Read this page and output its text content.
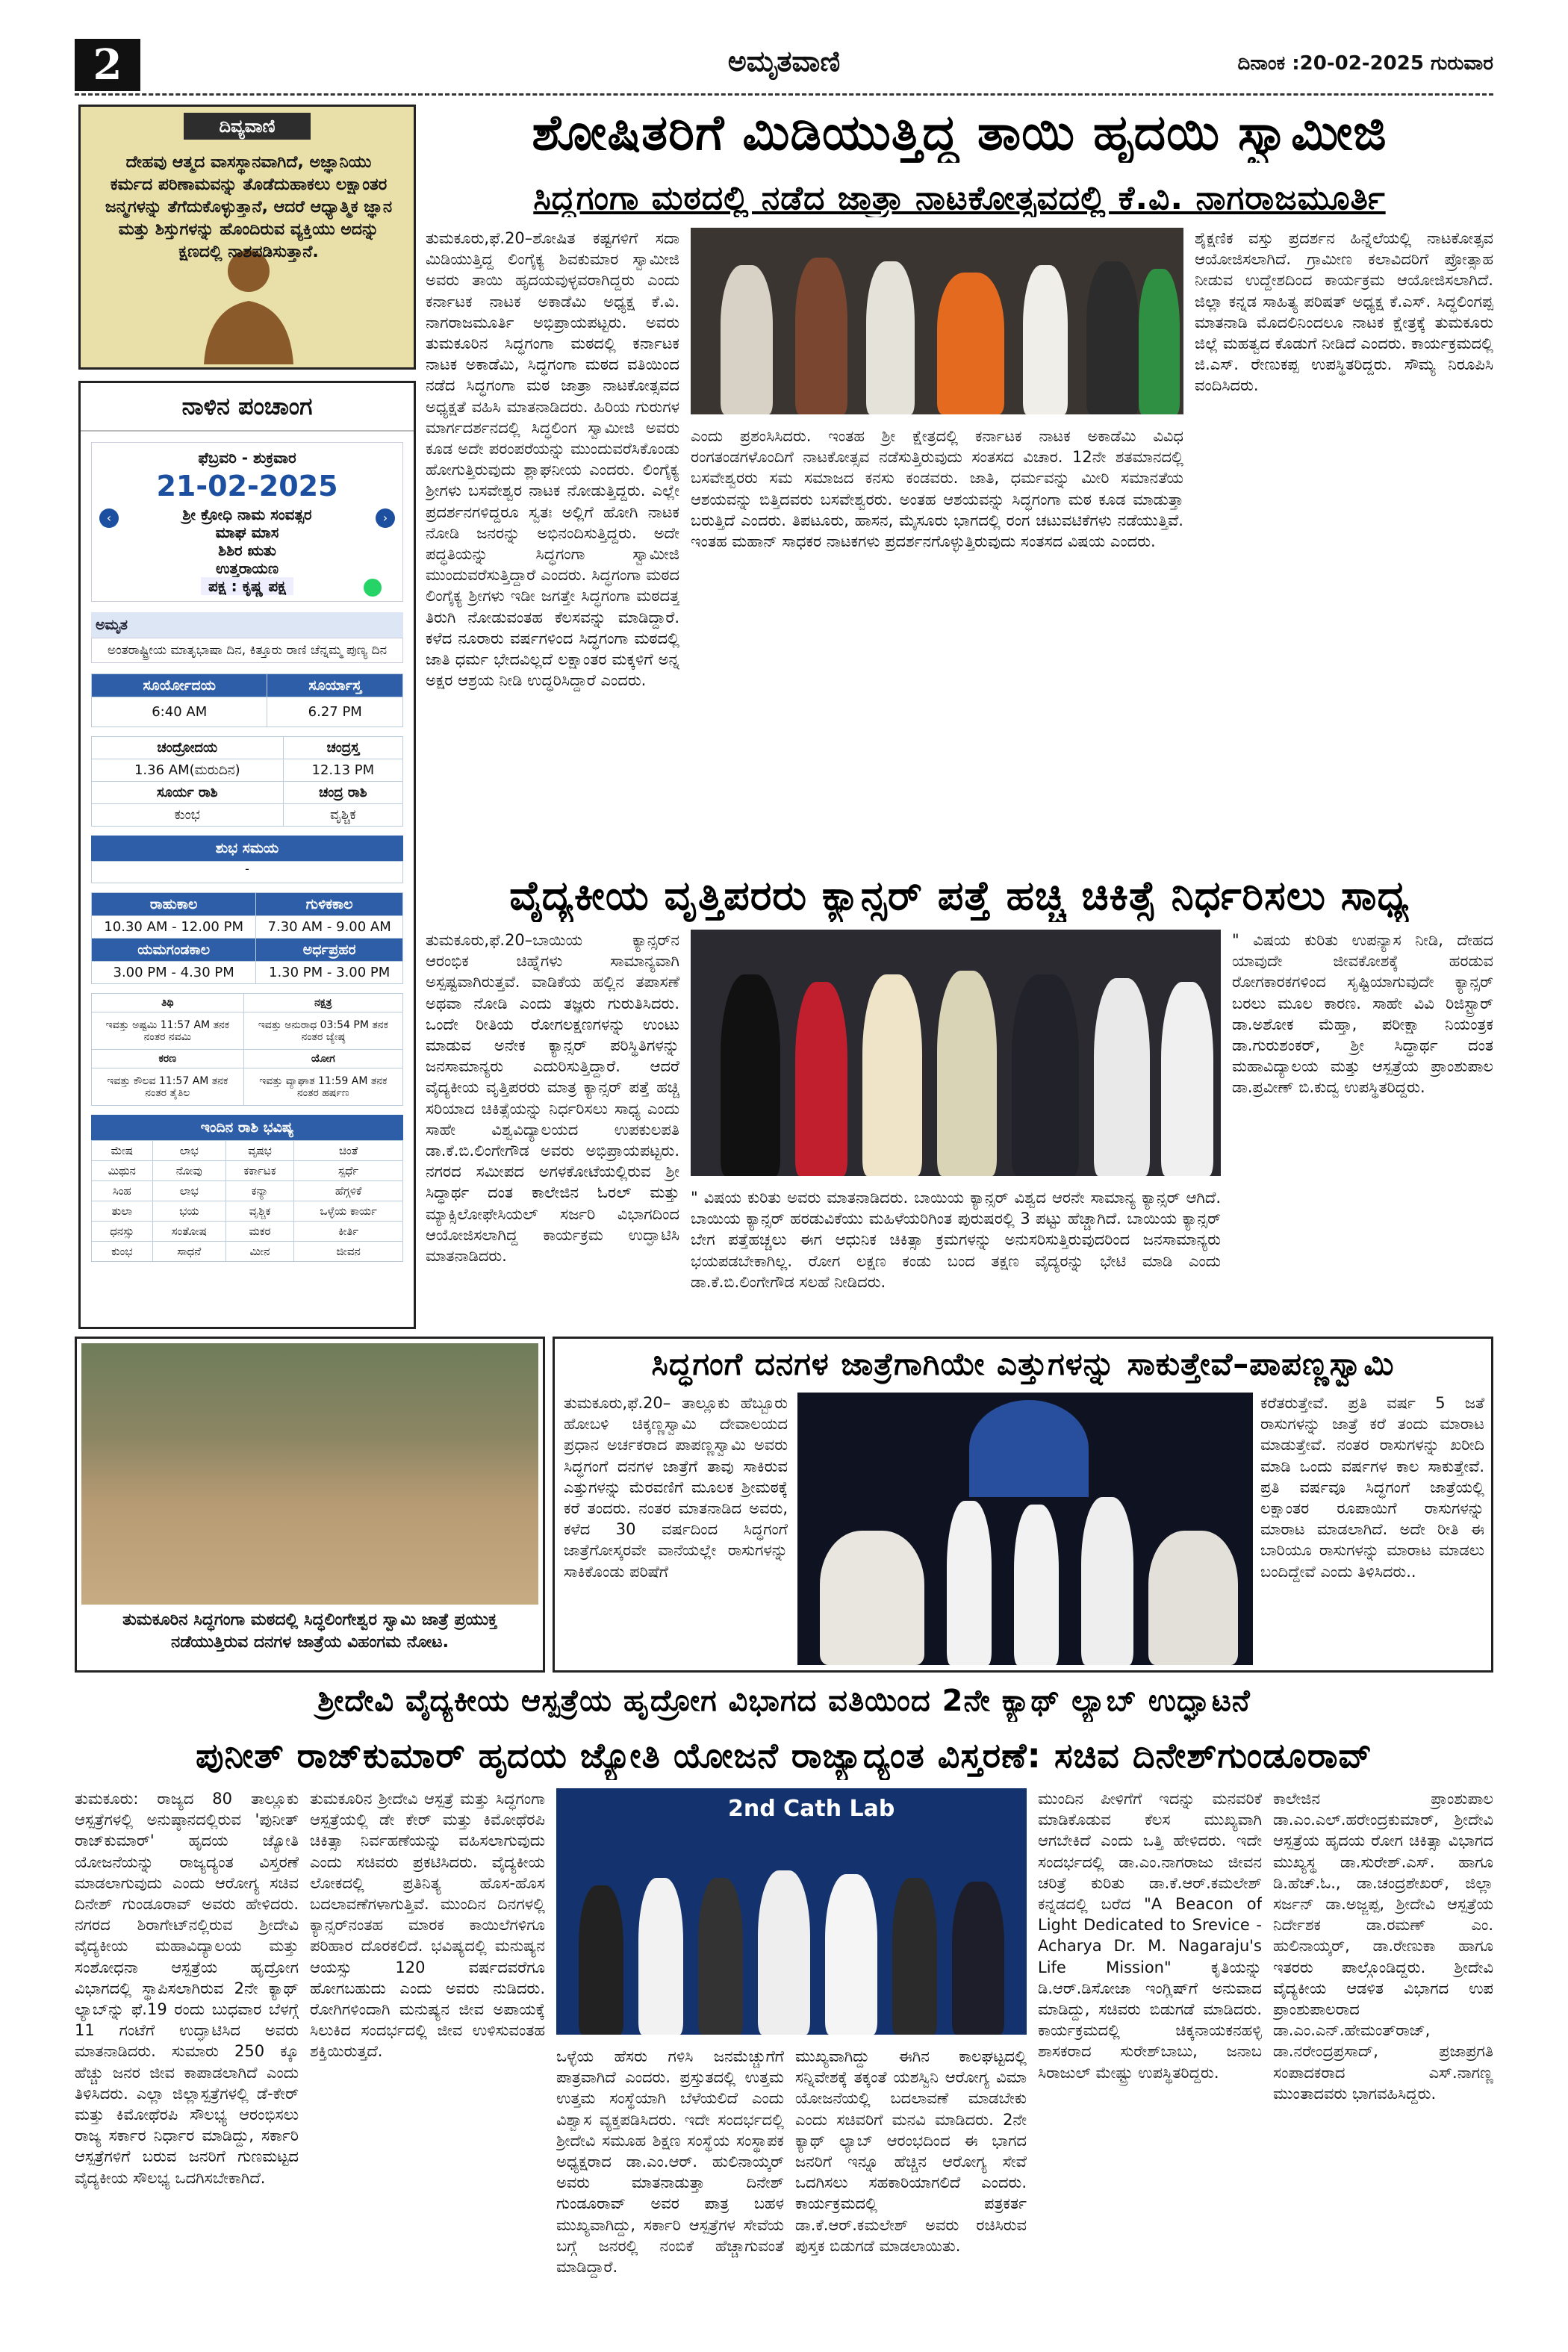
2	ಅಮೃತವಾಣಿ	ದಿನಾಂಕ :20-02-2025 ಗುರುವಾರ
ದಿವ್ಯವಾಣಿ
ದೇಹವು ಆತ್ಮದ ವಾಸಸ್ಥಾನವಾಗಿದೆ, ಅಜ್ಞಾನಿಯು ಕರ್ಮದ ಪರಿಣಾಮವನ್ನು ತೊಡೆದುಹಾಕಲು ಲಕ್ಷಾಂತರ ಜನ್ಮಗಳನ್ನು ತೆಗೆದುಕೊಳ್ಳುತ್ತಾನೆ, ಆದರೆ ಆಧ್ಯಾತ್ಮಿಕ ಜ್ಞಾನ ಮತ್ತು ಶಿಸ್ತುಗಳನ್ನು ಹೊಂದಿರುವ ವ್ಯಕ್ತಿಯು ಅದನ್ನು ಕ್ಷಣದಲ್ಲಿ ನಾಶಪಡಿಸುತ್ತಾನೆ.
ನಾಳಿನ ಪಂಚಾಂಗ
ಫೆಬ್ರವರಿ - ಶುಕ್ರವಾರ
21-02-2025
‹	›
ಶ್ರೀ ಕ್ರೋಧಿ ನಾಮ ಸಂವತ್ಸರ
ಮಾಘ ಮಾಸ
ಶಿಶಿರ ಋತು
ಉತ್ತರಾಯಣ
ಪಕ್ಷ : ಕೃಷ್ಣ ಪಕ್ಷ
ಅಮೃತ
ಅಂತರಾಷ್ಟ್ರೀಯ ಮಾತೃಭಾಷಾ ದಿನ, ಕಿತ್ತೂರು ರಾಣಿ ಚೆನ್ನಮ್ಮ ಪುಣ್ಯ ದಿನ
ಸೂರ್ಯೋದಯ	ಸೂರ್ಯಾಸ್ತ
6:40 AM	6.27 PM
ಚಂದ್ರೋದಯ	ಚಂದ್ರಸ್ತ
1.36 AM(ಮರುದಿನ)	12.13 PM
ಸೂರ್ಯ ರಾಶಿ	ಚಂದ್ರ ರಾಶಿ
ಕುಂಭ	ವೃಶ್ಚಿಕ
ಶುಭ ಸಮಯ
-
ರಾಹುಕಾಲ	ಗುಳಿಕಕಾಲ
10.30 AM - 12.00 PM	7.30 AM - 9.00 AM
ಯಮಗಂಡಕಾಲ	ಅರ್ಧಪ್ರಹರ
3.00 PM - 4.30 PM	1.30 PM - 3.00 PM
ತಿಥಿ	ನಕ್ಷತ್ರ
ಇವತ್ತು ಅಷ್ಟಮಿ 11:57 AM ತನಕ ನಂತರ ನವಮಿ	ಇವತ್ತು ಅನುರಾಧ 03:54 PM ತನಕ ನಂತರ ಜ್ಯೇಷ್ಠ
ಕರಣ	ಯೋಗ
ಇವತ್ತು ಕೌಲವ 11:57 AM ತನಕ ನಂತರ ತೈತಿಲ	ಇವತ್ತು ವ್ಯಾಘಾತ 11:59 AM ತನಕ ನಂತರ ಹರ್ಷಣ
ಇಂದಿನ ರಾಶಿ ಭವಿಷ್ಯ
ಮೇಷ	ಲಾಭ	ವೃಷಭ	ಚಿಂತೆ
ಮಿಥುನ	ನೋವು	ಕರ್ಕಾಟಕ	ಸ್ಪರ್ಧೆ
ಸಿಂಹ	ಲಾಭ	ಕನ್ಯಾ	ಹೆಗ್ಗಳಿಕೆ
ತುಲಾ	ಭಯ	ವೃಶ್ಚಿಕ	ಒಳ್ಳೆಯ ಕಾರ್ಯ
ಧನಸ್ಸು	ಸಂತೋಷ	ಮಕರ	ಕೀರ್ತಿ
ಕುಂಭ	ಸಾಧನೆ	ಮೀನ	ಜೀವನ
ಶೋಷಿತರಿಗೆ ಮಿಡಿಯುತ್ತಿದ್ದ ತಾಯಿ ಹೃದಯಿ ಸ್ವಾಮೀಜಿ
ಸಿದ್ಧಗಂಗಾ ಮಠದಲ್ಲಿ ನಡೆದ ಜಾತ್ರಾ ನಾಟಕೋತ್ಸವದಲ್ಲಿ ಕೆ.ವಿ. ನಾಗರಾಜಮೂರ್ತಿ
ತುಮಕೂರು,ಫೆ.20–ಶೋಷಿತ ಕಷ್ಟಗಳಿಗೆ ಸದಾ ಮಿಡಿಯುತ್ತಿದ್ದ ಲಿಂಗೈಕ್ಯ ಶಿವಕುಮಾರ ಸ್ವಾಮೀಜಿ ಅವರು ತಾಯಿ ಹೃದಯವುಳ್ಳವರಾಗಿದ್ದರು ಎಂದು ಕರ್ನಾಟಕ ನಾಟಕ ಅಕಾಡೆಮಿ ಅಧ್ಯಕ್ಷ ಕೆ.ವಿ. ನಾಗರಾಜಮೂರ್ತಿ ಅಭಿಪ್ರಾಯಪಟ್ಟರು. ಅವರು ತುಮಕೂರಿನ ಸಿದ್ಧಗಂಗಾ ಮಠದಲ್ಲಿ ಕರ್ನಾಟಕ ನಾಟಕ ಅಕಾಡೆಮಿ, ಸಿದ್ಧಗಂಗಾ ಮಠದ ವತಿಯಿಂದ ನಡೆದ ಸಿದ್ಧಗಂಗಾ ಮಠ ಜಾತ್ರಾ ನಾಟಕೋತ್ಸವದ ಅಧ್ಯಕ್ಷತೆ ವಹಿಸಿ ಮಾತನಾಡಿದರು. ಹಿರಿಯ ಗುರುಗಳ ಮಾರ್ಗದರ್ಶನದಲ್ಲಿ ಸಿದ್ಧಲಿಂಗ ಸ್ವಾಮೀಜಿ ಅವರು ಕೂಡ ಅದೇ ಪರಂಪರೆಯನ್ನು ಮುಂದುವರೆಸಿಕೊಂಡು ಹೋಗುತ್ತಿರುವುದು ಶ್ಲಾಘನೀಯ ಎಂದರು. ಲಿಂಗೈಕ್ಯ ಶ್ರೀಗಳು ಬಸವೇಶ್ವರ ನಾಟಕ ನೋಡುತ್ತಿದ್ದರು. ಎಲ್ಲೇ ಪ್ರದರ್ಶನಗಳಿದ್ದರೂ ಸ್ವತಃ ಅಲ್ಲಿಗೆ ಹೋಗಿ ನಾಟಕ ನೋಡಿ ಜನರನ್ನು ಅಭಿನಂದಿಸುತ್ತಿದ್ದರು. ಅದೇ ಪದ್ಧತಿಯನ್ನು ಸಿದ್ಧಗಂಗಾ ಸ್ವಾಮೀಜಿ ಮುಂದುವರೆಸುತ್ತಿದ್ದಾರೆ ಎಂದರು. ಸಿದ್ಧಗಂಗಾ ಮಠದ ಲಿಂಗೈಕ್ಯ ಶ್ರೀಗಳು ಇಡೀ ಜಗತ್ತೇ ಸಿದ್ಧಗಂಗಾ ಮಠದತ್ತ ತಿರುಗಿ ನೋಡುವಂತಹ ಕೆಲಸವನ್ನು ಮಾಡಿದ್ದಾರೆ. ಕಳೆದ ನೂರಾರು ವರ್ಷಗಳಿಂದ ಸಿದ್ಧಗಂಗಾ ಮಠದಲ್ಲಿ ಜಾತಿ ಧರ್ಮ ಭೇದವಿಲ್ಲದೆ ಲಕ್ಷಾಂತರ ಮಕ್ಕಳಿಗೆ ಅನ್ನ ಅಕ್ಷರ ಆಶ್ರಯ ನೀಡಿ ಉದ್ಧರಿಸಿದ್ದಾರೆ ಎಂದರು.
ಎಂದು ಪ್ರಶಂಸಿಸಿದರು. ಇಂತಹ ಶ್ರೀ ಕ್ಷೇತ್ರದಲ್ಲಿ ಕರ್ನಾಟಕ ನಾಟಕ ಅಕಾಡೆಮಿ ವಿವಿಧ ರಂಗತಂಡಗಳೊಂದಿಗೆ ನಾಟಕೋತ್ಸವ ನಡೆಸುತ್ತಿರುವುದು ಸಂತಸದ ವಿಚಾರ. 12ನೇ ಶತಮಾನದಲ್ಲಿ ಬಸವೇಶ್ವರರು ಸಮ ಸಮಾಜದ ಕನಸು ಕಂಡವರು. ಜಾತಿ, ಧರ್ಮವನ್ನು ಮೀರಿ ಸಮಾನತೆಯ ಆಶಯವನ್ನು ಬಿತ್ತಿದವರು ಬಸವೇಶ್ವರರು. ಅಂತಹ ಆಶಯವನ್ನು ಸಿದ್ಧಗಂಗಾ ಮಠ ಕೂಡ ಮಾಡುತ್ತಾ ಬರುತ್ತಿದೆ ಎಂದರು. ತಿಪಟೂರು, ಹಾಸನ, ಮೈಸೂರು ಭಾಗದಲ್ಲಿ ರಂಗ ಚಟುವಟಿಕೆಗಳು ನಡೆಯುತ್ತಿವೆ. ಇಂತಹ ಮಹಾನ್ ಸಾಧಕರ ನಾಟಕಗಳು ಪ್ರದರ್ಶನಗೊಳ್ಳುತ್ತಿರುವುದು ಸಂತಸದ ವಿಷಯ ಎಂದರು.
ಶೈಕ್ಷಣಿಕ ವಸ್ತು ಪ್ರದರ್ಶನ ಹಿನ್ನೆಲೆಯಲ್ಲಿ ನಾಟಕೋತ್ಸವ ಆಯೋಜಿಸಲಾಗಿದೆ. ಗ್ರಾಮೀಣ ಕಲಾವಿದರಿಗೆ ಪ್ರೋತ್ಸಾಹ ನೀಡುವ ಉದ್ದೇಶದಿಂದ ಕಾರ್ಯಕ್ರಮ ಆಯೋಜಿಸಲಾಗಿದೆ. ಜಿಲ್ಲಾ ಕನ್ನಡ ಸಾಹಿತ್ಯ ಪರಿಷತ್ ಅಧ್ಯಕ್ಷ ಕೆ.ಎಸ್. ಸಿದ್ಧಲಿಂಗಪ್ಪ ಮಾತನಾಡಿ ಮೊದಲಿನಿಂದಲೂ ನಾಟಕ ಕ್ಷೇತ್ರಕ್ಕೆ ತುಮಕೂರು ಜಿಲ್ಲೆ ಮಹತ್ವದ ಕೊಡುಗೆ ನೀಡಿದೆ ಎಂದರು. ಕಾರ್ಯಕ್ರಮದಲ್ಲಿ ಜಿ.ಎಸ್. ರೇಣುಕಪ್ಪ ಉಪಸ್ಥಿತರಿದ್ದರು. ಸೌಮ್ಯ ನಿರೂಪಿಸಿ ವಂದಿಸಿದರು.
ವೈದ್ಯಕೀಯ ವೃತ್ತಿಪರರು ಕ್ಯಾನ್ಸರ್ ಪತ್ತೆ ಹಚ್ಚಿ ಚಿಕಿತ್ಸೆ ನಿರ್ಧರಿಸಲು ಸಾಧ್ಯ
ತುಮಕೂರು,ಫೆ.20–ಬಾಯಿಯ ಕ್ಯಾನ್ಸರ್‌ನ ಆರಂಭಿಕ ಚಿಹ್ನೆಗಳು ಸಾಮಾನ್ಯವಾಗಿ ಅಸ್ಪಷ್ಟವಾಗಿರುತ್ತವೆ. ವಾಡಿಕೆಯ ಹಲ್ಲಿನ ತಪಾಸಣೆ ಅಥವಾ ನೋಡಿ ಎಂದು ತಜ್ಞರು ಗುರುತಿಸಿದರು. ಒಂದೇ ರೀತಿಯ ರೋಗಲಕ್ಷಣಗಳನ್ನು ಉಂಟು ಮಾಡುವ ಅನೇಕ ಕ್ಯಾನ್ಸರ್ ಪರಿಸ್ಥಿತಿಗಳನ್ನು ಜನಸಾಮಾನ್ಯರು ಎದುರಿಸುತ್ತಿದ್ದಾರೆ. ಆದರೆ ವೈದ್ಯಕೀಯ ವೃತ್ತಿಪರರು ಮಾತ್ರ ಕ್ಯಾನ್ಸರ್ ಪತ್ತೆ ಹಚ್ಚಿ ಸರಿಯಾದ ಚಿಕಿತ್ಸೆಯನ್ನು ನಿರ್ಧರಿಸಲು ಸಾಧ್ಯ ಎಂದು ಸಾಹೇ ವಿಶ್ವವಿದ್ಯಾಲಯದ ಉಪಕುಲಪತಿ ಡಾ.ಕೆ.ಬಿ.ಲಿಂಗೇಗೌಡ ಅವರು ಅಭಿಪ್ರಾಯಪಟ್ಟರು. ನಗರದ ಸಮೀಪದ ಅಗಳಕೋಟೆಯಲ್ಲಿರುವ ಶ್ರೀ ಸಿದ್ಧಾರ್ಥ ದಂತ ಕಾಲೇಜಿನ ಓರಲ್ ಮತ್ತು ಮ್ಯಾಕ್ಸಿಲೋಫೇಸಿಯಲ್ ಸರ್ಜರಿ ವಿಭಾಗದಿಂದ ಆಯೋಜಿಸಲಾಗಿದ್ದ ಕಾರ್ಯಕ್ರಮ ಉದ್ಘಾಟಿಸಿ ಮಾತನಾಡಿದರು.
" ವಿಷಯ ಕುರಿತು ಅವರು ಮಾತನಾಡಿದರು. ಬಾಯಿಯ ಕ್ಯಾನ್ಸರ್ ವಿಶ್ವದ ಆರನೇ ಸಾಮಾನ್ಯ ಕ್ಯಾನ್ಸರ್ ಆಗಿದೆ. ಬಾಯಿಯ ಕ್ಯಾನ್ಸರ್ ಹರಡುವಿಕೆಯು ಮಹಿಳೆಯರಿಗಿಂತ ಪುರುಷರಲ್ಲಿ 3 ಪಟ್ಟು ಹೆಚ್ಚಾಗಿದೆ. ಬಾಯಿಯ ಕ್ಯಾನ್ಸರ್ ಬೇಗ ಪತ್ತೆಹಚ್ಚಲು ಈಗ ಆಧುನಿಕ ಚಿಕಿತ್ಸಾ ಕ್ರಮಗಳನ್ನು ಅನುಸರಿಸುತ್ತಿರುವುದರಿಂದ ಜನಸಾಮಾನ್ಯರು ಭಯಪಡಬೇಕಾಗಿಲ್ಲ. ರೋಗ ಲಕ್ಷಣ ಕಂಡು ಬಂದ ತಕ್ಷಣ ವೈದ್ಯರನ್ನು ಭೇಟಿ ಮಾಡಿ ಎಂದು ಡಾ.ಕೆ.ಬಿ.ಲಿಂಗೇಗೌಡ ಸಲಹೆ ನೀಡಿದರು.
" ವಿಷಯ ಕುರಿತು ಉಪನ್ಯಾಸ ನೀಡಿ, ದೇಹದ ಯಾವುದೇ ಜೀವಕೋಶಕ್ಕೆ ಹರಡುವ ರೋಗಕಾರಕಗಳಿಂದ ಸೃಷ್ಟಿಯಾಗುವುದೇ ಕ್ಯಾನ್ಸರ್ ಬರಲು ಮೂಲ ಕಾರಣ. ಸಾಹೇ ವಿವಿ ರಿಜಿಸ್ಟ್ರಾರ್ ಡಾ.ಅಶೋಕ ಮೆಹ್ತಾ, ಪರೀಕ್ಷಾ ನಿಯಂತ್ರಕ ಡಾ.ಗುರುಶಂಕರ್, ಶ್ರೀ ಸಿದ್ಧಾರ್ಥ ದಂತ ಮಹಾವಿದ್ಯಾಲಯ ಮತ್ತು ಆಸ್ಪತ್ರೆಯ ಪ್ರಾಂಶುಪಾಲ ಡಾ.ಪ್ರವೀಣ್ ಬಿ.ಕುದ್ವ ಉಪಸ್ಥಿತರಿದ್ದರು.
ತುಮಕೂರಿನ ಸಿದ್ಧಗಂಗಾ ಮಠದಲ್ಲಿ ಸಿದ್ಧಲಿಂಗೇಶ್ವರ ಸ್ವಾಮಿ ಜಾತ್ರೆ ಪ್ರಯುಕ್ತ ನಡೆಯುತ್ತಿರುವ ದನಗಳ ಜಾತ್ರೆಯ ವಿಹಂಗಮ ನೋಟ.
ಸಿದ್ಧಗಂಗೆ ದನಗಳ ಜಾತ್ರೆಗಾಗಿಯೇ ಎತ್ತುಗಳನ್ನು ಸಾಕುತ್ತೇವೆ–ಪಾಪಣ್ಣಸ್ವಾಮಿ
ತುಮಕೂರು,ಫೆ.20– ತಾಲ್ಲೂಕು ಹೆಬ್ಬೂರು ಹೋಬಳಿ ಚಿಕ್ಕಣ್ಣಸ್ವಾಮಿ ದೇವಾಲಯದ ಪ್ರಧಾನ ಅರ್ಚಕರಾದ ಪಾಪಣ್ಣಸ್ವಾಮಿ ಅವರು ಸಿದ್ಧಗಂಗೆ ದನಗಳ ಜಾತ್ರೆಗೆ ತಾವು ಸಾಕಿರುವ ಎತ್ತುಗಳನ್ನು ಮೆರವಣಿಗೆ ಮೂಲಕ ಶ್ರೀಮಠಕ್ಕೆ ಕರೆ ತಂದರು. ನಂತರ ಮಾತನಾಡಿದ ಅವರು, ಕಳೆದ 30 ವರ್ಷದಿಂದ ಸಿದ್ಧಗಂಗೆ ಜಾತ್ರೆಗೋಸ್ಕರವೇ ವಾನೆಯಲ್ಲೇ ರಾಸುಗಳನ್ನು ಸಾಕಿಕೊಂಡು ಪರಿಷೆಗೆ
ಕರೆತರುತ್ತೇವೆ. ಪ್ರತಿ ವರ್ಷ 5 ಜತೆ ರಾಸುಗಳನ್ನು ಜಾತ್ರೆ ಕರೆ ತಂದು ಮಾರಾಟ ಮಾಡುತ್ತೇವೆ. ನಂತರ ರಾಸುಗಳನ್ನು ಖರೀದಿ ಮಾಡಿ ಒಂದು ವರ್ಷಗಳ ಕಾಲ ಸಾಕುತ್ತೇವೆ. ಪ್ರತಿ ವರ್ಷವೂ ಸಿದ್ಧಗಂಗೆ ಜಾತ್ರೆಯಲ್ಲಿ ಲಕ್ಷಾಂತರ ರೂಪಾಯಿಗೆ ರಾಸುಗಳನ್ನು ಮಾರಾಟ ಮಾಡಲಾಗಿದೆ. ಅದೇ ರೀತಿ ಈ ಬಾರಿಯೂ ರಾಸುಗಳನ್ನು ಮಾರಾಟ ಮಾಡಲು ಬಂದಿದ್ದೇವೆ ಎಂದು ತಿಳಿಸಿದರು..
ಶ್ರೀದೇವಿ ವೈದ್ಯಕೀಯ ಆಸ್ಪತ್ರೆಯ ಹೃದ್ರೋಗ ವಿಭಾಗದ ವತಿಯಿಂದ 2ನೇ ಕ್ಯಾಥ್ ಲ್ಯಾಬ್ ಉದ್ಘಾಟನೆ
ಪುನೀತ್ ರಾಜ್‌ಕುಮಾರ್ ಹೃದಯ ಜ್ಯೋತಿ ಯೋಜನೆ ರಾಜ್ಯಾದ್ಯಂತ ವಿಸ್ತರಣೆ: ಸಚಿವ ದಿನೇಶ್‌ಗುಂಡೂರಾವ್
ತುಮಕೂರು: ರಾಜ್ಯದ 80 ತಾಲ್ಲೂಕು ಆಸ್ಪತ್ರೆಗಳಲ್ಲಿ ಅನುಷ್ಠಾನದಲ್ಲಿರುವ 'ಪುನೀತ್ ರಾಜ್‌ಕುಮಾರ್' ಹೃದಯ ಜ್ಯೋತಿ ಯೋಜನೆಯನ್ನು ರಾಜ್ಯದ್ಯಂತ ವಿಸ್ತರಣೆ ಮಾಡಲಾಗುವುದು ಎಂದು ಆರೋಗ್ಯ ಸಚಿವ ದಿನೇಶ್ ಗುಂಡೂರಾವ್ ಅವರು ಹೇಳಿದರು. ನಗರದ ಶಿರಾಗೇಟ್‌ನಲ್ಲಿರುವ ಶ್ರೀದೇವಿ ವೈದ್ಯಕೀಯ ಮಹಾವಿದ್ಯಾಲಯ ಮತ್ತು ಸಂಶೋಧನಾ ಆಸ್ಪತ್ರೆಯ ಹೃದ್ರೋಗ ವಿಭಾಗದಲ್ಲಿ ಸ್ಥಾಪಿಸಲಾಗಿರುವ 2ನೇ ಕ್ಯಾಥ್ ಲ್ಯಾಬ್‌ನ್ನು ಫೆ.19 ರಂದು ಬುಧವಾರ ಬೆಳಗ್ಗೆ 11 ಗಂಟೆಗೆ ಉದ್ಘಾಟಿಸಿದ ಅವರು ಮಾತನಾಡಿದರು. ಸುಮಾರು 250 ಕ್ಕೂ ಹೆಚ್ಚು ಜನರ ಜೀವ ಕಾಪಾಡಲಾಗಿದೆ ಎಂದು ತಿಳಿಸಿದರು. ಎಲ್ಲಾ ಜಿಲ್ಲಾಸ್ಪತ್ರೆಗಳಲ್ಲಿ ಡೆ-ಕೇರ್ ಮತ್ತು ಕಿಮೋಥೆರಪಿ ಸೌಲಭ್ಯ ಆರಂಭಿಸಲು ರಾಜ್ಯ ಸರ್ಕಾರ ನಿರ್ಧಾರ ಮಾಡಿದ್ದು, ಸರ್ಕಾರಿ ಆಸ್ಪತ್ರೆಗಳಿಗೆ ಬರುವ ಜನರಿಗೆ ಗುಣಮಟ್ಟದ ವೈದ್ಯಕೀಯ ಸೌಲಭ್ಯ ಒದಗಿಸಬೇಕಾಗಿದೆ.
ತುಮಕೂರಿನ ಶ್ರೀದೇವಿ ಆಸ್ಪತ್ರೆ ಮತ್ತು ಸಿದ್ಧಗಂಗಾ ಆಸ್ಪತ್ರೆಯಲ್ಲಿ ಡೇ ಕೇರ್ ಮತ್ತು ಕಿಮೋಥೆರಪಿ ಚಿಕಿತ್ಸಾ ನಿರ್ವಹಣೆಯನ್ನು ವಹಿಸಲಾಗುವುದು ಎಂದು ಸಚಿವರು ಪ್ರಕಟಿಸಿದರು. ವೈದ್ಯಕೀಯ ಲೋಕದಲ್ಲಿ ಪ್ರತಿನಿತ್ಯ ಹೊಸ-ಹೊಸ ಬದಲಾವಣೆಗಳಾಗುತ್ತಿವೆ. ಮುಂದಿನ ದಿನಗಳಲ್ಲಿ ಕ್ಯಾನ್ಸರ್‌ನಂತಹ ಮಾರಕ ಕಾಯಿಲೆಗಳಿಗೂ ಪರಿಹಾರ ದೊರಕಲಿದೆ. ಭವಿಷ್ಯದಲ್ಲಿ ಮನುಷ್ಯನ ಆಯಸ್ಸು 120 ವರ್ಷದವರೆಗೂ ಹೋಗಬಹುದು ಎಂದು ಅವರು ನುಡಿದರು. ರೋಗಿಗಳಿಂದಾಗಿ ಮನುಷ್ಯನ ಜೀವ ಅಪಾಯಕ್ಕೆ ಸಿಲುಕಿದ ಸಂದರ್ಭದಲ್ಲಿ ಜೀವ ಉಳಿಸುವಂತಹ ಶಕ್ತಿಯಿರುತ್ತದೆ.
2nd Cath Lab
ಒಳ್ಳೆಯ ಹೆಸರು ಗಳಿಸಿ ಜನಮೆಚ್ಚುಗೆಗೆ ಪಾತ್ರವಾಗಿದೆ ಎಂದರು. ಪ್ರಸ್ತುತದಲ್ಲಿ ಉತ್ತಮ ಉತ್ತಮ ಸಂಸ್ಥೆಯಾಗಿ ಬೆಳೆಯಲಿದೆ ಎಂದು ವಿಶ್ವಾಸ ವ್ಯಕ್ತಪಡಿಸಿದರು. ಇದೇ ಸಂದರ್ಭದಲ್ಲಿ ಶ್ರೀದೇವಿ ಸಮೂಹ ಶಿಕ್ಷಣ ಸಂಸ್ಥೆಯ ಸಂಸ್ಥಾಪಕ ಅಧ್ಯಕ್ಷರಾದ ಡಾ.ಎಂ.ಆರ್. ಹುಲಿನಾಯ್ಕರ್ ಅವರು ಮಾತನಾಡುತ್ತಾ ದಿನೇಶ್ ಗುಂಡೂರಾವ್ ಅವರ ಪಾತ್ರ ಬಹಳ ಮುಖ್ಯವಾಗಿದ್ದು, ಸರ್ಕಾರಿ ಆಸ್ಪತ್ರೆಗಳ ಸೇವೆಯ ಬಗ್ಗೆ ಜನರಲ್ಲಿ ನಂಬಿಕೆ ಹೆಚ್ಚಾಗುವಂತೆ ಮಾಡಿದ್ದಾರೆ.
ಮುಖ್ಯವಾಗಿದ್ದು ಈಗಿನ ಕಾಲಘಟ್ಟದಲ್ಲಿ ಸನ್ನಿವೇಶಕ್ಕೆ ತಕ್ಕಂತೆ ಯಶಸ್ವಿನಿ ಆರೋಗ್ಯ ವಿಮಾ ಯೋಜನೆಯಲ್ಲಿ ಬದಲಾವಣೆ ಮಾಡಬೇಕು ಎಂದು ಸಚಿವರಿಗೆ ಮನವಿ ಮಾಡಿದರು. 2ನೇ ಕ್ಯಾಥ್ ಲ್ಯಾಬ್ ಆರಂಭದಿಂದ ಈ ಭಾಗದ ಜನರಿಗೆ ಇನ್ನೂ ಹೆಚ್ಚಿನ ಆರೋಗ್ಯ ಸೇವೆ ಒದಗಿಸಲು ಸಹಕಾರಿಯಾಗಲಿದೆ ಎಂದರು. ಕಾರ್ಯಕ್ರಮದಲ್ಲಿ ಪತ್ರಕರ್ತ ಡಾ.ಕೆ.ಆರ್.ಕಮಲೇಶ್ ಅವರು ರಚಿಸಿರುವ ಪುಸ್ತಕ ಬಿಡುಗಡೆ ಮಾಡಲಾಯಿತು.
ಮುಂದಿನ ಪೀಳಿಗೆಗೆ ಇದನ್ನು ಮನವರಿಕೆ ಮಾಡಿಕೊಡುವ ಕೆಲಸ ಮುಖ್ಯವಾಗಿ ಆಗಬೇಕಿದೆ ಎಂದು ಒತ್ತಿ ಹೇಳಿದರು. ಇದೇ ಸಂದರ್ಭದಲ್ಲಿ ಡಾ.ಎಂ.ನಾಗರಾಜು ಜೀವನ ಚರಿತ್ರೆ ಕುರಿತು ಡಾ.ಕೆ.ಆರ್.ಕಮಲೇಶ್ ಕನ್ನಡದಲ್ಲಿ ಬರೆದ "A Beacon of Light Dedicated to Srevice - Acharya Dr. M. Nagaraju's Life Mission" ಕೃತಿಯನ್ನು ಡಿ.ಆರ್.ಡಿಸೋಜಾ ಇಂಗ್ಲಿಷ್‌ಗೆ ಅನುವಾದ ಮಾಡಿದ್ದು, ಸಚಿವರು ಬಿಡುಗಡೆ ಮಾಡಿದರು. ಕಾರ್ಯಕ್ರಮದಲ್ಲಿ ಚಿಕ್ಕನಾಯಕನಹಳ್ಳಿ ಶಾಸಕರಾದ ಸುರೇಶ್‌ಬಾಬು, ಜನಾಬ ಸಿರಾಜುಲ್ ಮೇಷ್ಟ್ರು ಉಪಸ್ಥಿತರಿದ್ದರು.
ಕಾಲೇಜಿನ ಪ್ರಾಂಶುಪಾಲ ಡಾ.ಎಂ.ಎಲ್.ಹರೇಂದ್ರಕುಮಾರ್, ಶ್ರೀದೇವಿ ಆಸ್ಪತ್ರೆಯ ಹೃದಯ ರೋಗ ಚಿಕಿತ್ಸಾ ವಿಭಾಗದ ಮುಖ್ಯಸ್ಥ ಡಾ.ಸುರೇಶ್.ಎಸ್. ಹಾಗೂ ಡಿ.ಹೆಚ್.ಓ., ಡಾ.ಚಂದ್ರಶೇಖರ್, ಜಿಲ್ಲಾ ಸರ್ಜನ್ ಡಾ.ಅಜ್ಜಪ್ಪ, ಶ್ರೀದೇವಿ ಆಸ್ಪತ್ರೆಯ ನಿರ್ದೇಶಕ ಡಾ.ರಮಣ್ ಎಂ. ಹುಲಿನಾಯ್ಕರ್, ಡಾ.ರೇಣುಕಾ ಹಾಗೂ ಇತರರು ಪಾಲ್ಗೊಂಡಿದ್ದರು. ಶ್ರೀದೇವಿ ವೈದ್ಯಕೀಯ ಆಡಳಿತ ವಿಭಾಗದ ಉಪ ಪ್ರಾಂಶುಪಾಲರಾದ ಡಾ.ಎಂ.ಎನ್.ಹೇಮಂತ್‌ರಾಜ್, ಡಾ.ನರೇಂದ್ರಪ್ರಸಾದ್, ಪ್ರಜಾಪ್ರಗತಿ ಸಂಪಾದಕರಾದ ಎಸ್.ನಾಗಣ್ಣ ಮುಂತಾದವರು ಭಾಗವಹಿಸಿದ್ದರು.
